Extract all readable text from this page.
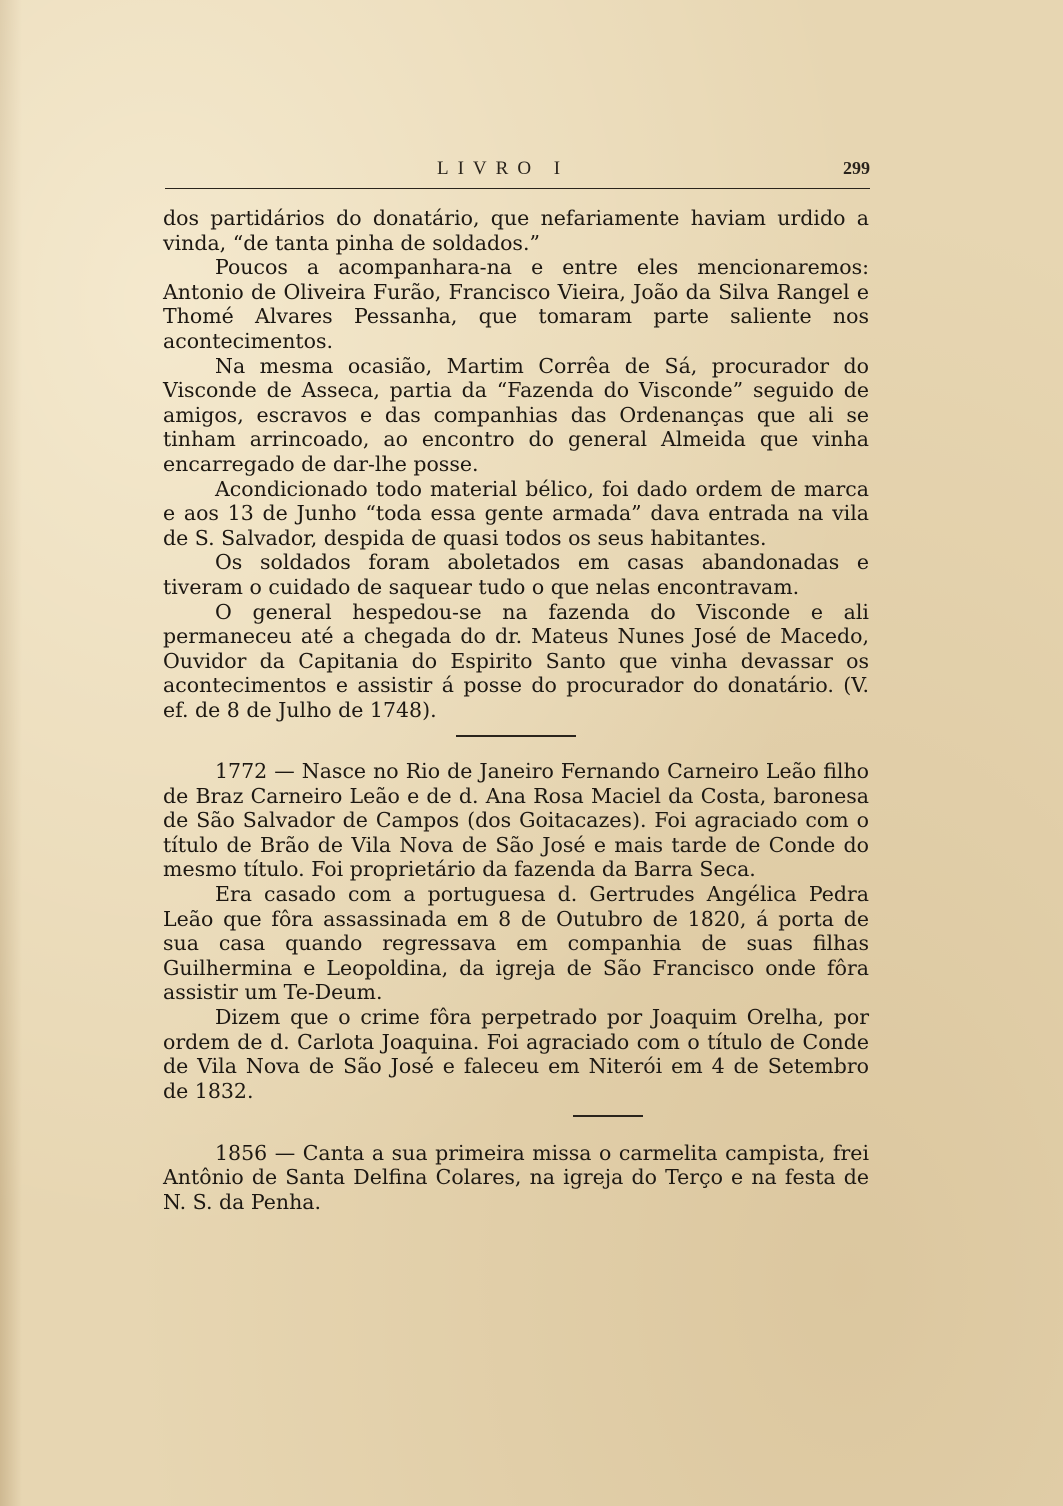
LIVRO I	299

dos partidários do donatário, que nefariamente haviam urdido a vinda, “de tanta pinha de soldados.”

Poucos a acompanhara-na e entre eles mencionaremos: Antonio de Oliveira Furão, Francisco Vieira, João da Silva Rangel e Thomé Alvares Pessanha, que tomaram parte saliente nos acontecimentos.

Na mesma ocasião, Martim Corrêa de Sá, procurador do Visconde de Asseca, partia da “Fazenda do Visconde” seguido de amigos, escravos e das companhias das Ordenanças que ali se tinham arrincoado, ao encontro do general Almeida que vinha encarregado de dar-lhe posse.

Acondicionado todo material bélico, foi dado ordem de marca e aos 13 de Junho “toda essa gente armada” dava entrada na vila de S. Salvador, despida de quasi todos os seus habitantes.

Os soldados foram aboletados em casas abandonadas e tiveram o cuidado de saquear tudo o que nelas encontravam.

O general hespedou-se na fazenda do Visconde e ali permaneceu até a chegada do dr. Mateus Nunes José de Macedo, Ouvidor da Capitania do Espirito Santo que vinha devassar os acontecimentos e assistir á posse do procurador do donatário. (V. ef. de 8 de Julho de 1748).

1772 — Nasce no Rio de Janeiro Fernando Carneiro Leão filho de Braz Carneiro Leão e de d. Ana Rosa Maciel da Costa, baronesa de São Salvador de Campos (dos Goitacazes). Foi agraciado com o título de Brão de Vila Nova de São José e mais tarde de Conde do mesmo título. Foi proprietário da fazenda da Barra Seca.

Era casado com a portuguesa d. Gertrudes Angélica Pedra Leão que fôra assassinada em 8 de Outubro de 1820, á porta de sua casa quando regressava em companhia de suas filhas Guilhermina e Leopoldina, da igreja de São Francisco onde fôra assistir um Te-Deum.

Dizem que o crime fôra perpetrado por Joaquim Orelha, por ordem de d. Carlota Joaquina. Foi agraciado com o título de Conde de Vila Nova de São José e faleceu em Niterói em 4 de Setembro de 1832.

1856 — Canta a sua primeira missa o carmelita campista, frei Antônio de Santa Delfina Colares, na igreja do Terço e na festa de N. S. da Penha.
